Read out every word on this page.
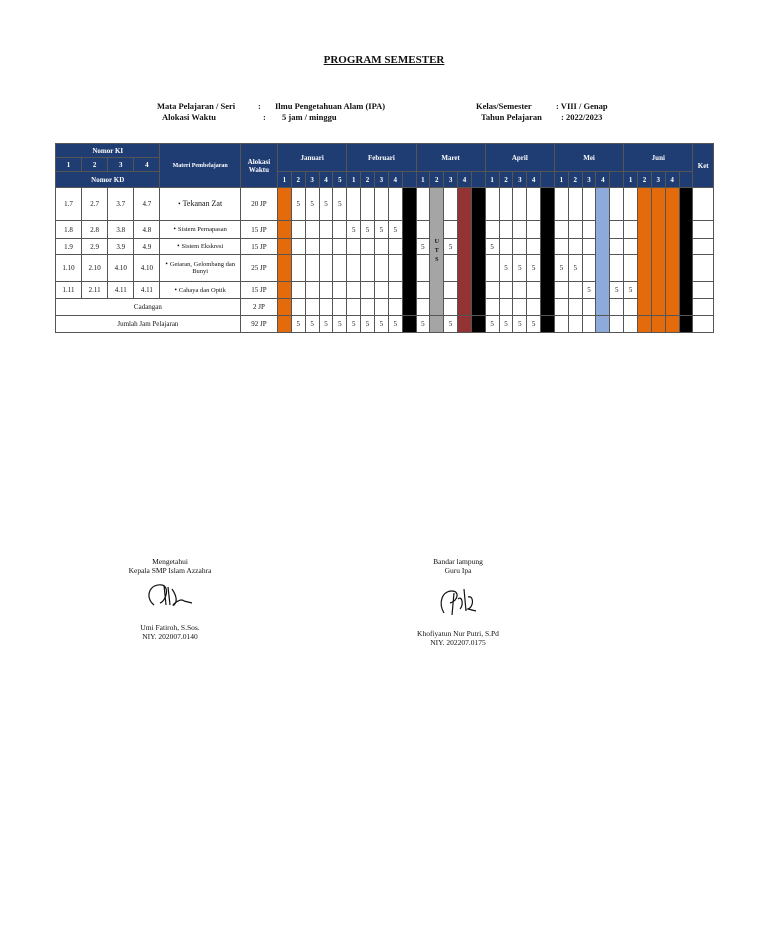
PROGRAM SEMESTER
Mata Pelajaran / Seri	: Ilmu Pengetahuan Alam (IPA)
Alokasi Waktu	: 5 jam / minggu
Kelas/Semester	: VIII / Genap
Tahun Pelajaran : 2022/2023
Nomor KI				Materi Pembelajaran	Alokasi Waktu	Januari					Februari					Maret					April					Mei					Juni					Ket
1	2	3	4																																	
Nomor KD						1	2	3	4	5	1	2	3	4		1	2	3	4		1	2	3	4		1	2	3	4		1	2	3	4		
1.7	2.7	3.7	4.7	• Tekanan Zat	20 JP		5	5	5	5							U T S																			

1.8	2.8	3.8	4.8	• Sistem Pernapasan	15 JP						5	5	5	5																						
1.9	2.9	3.9	4.9	• Sistem Ekskresi	15 JP											5		5			5															
1.10	2.10	4.10	4.10	• Getaran, Gelombang dan Bunyi	25 JP																	5	5	5		5	5									
1.11	2.11	4.11	4.11	• Cahaya dan Optik	15 JP																							5		5	5					
Cadangan					2 JP																															
Jumlah Jam Pelajaran					92 JP		5	5	5	5	5	5	5	5		5		5			5	5	5	5												
Mengetahui
Kepala SMP Islam Azzahra
Umi Fatiroh, S.Sos.
NIY. 202007.0140
Bandar lampung
Guru Ipa
Khofiyatun Nur Putri, S.Pd
NIY. 202207.0175
